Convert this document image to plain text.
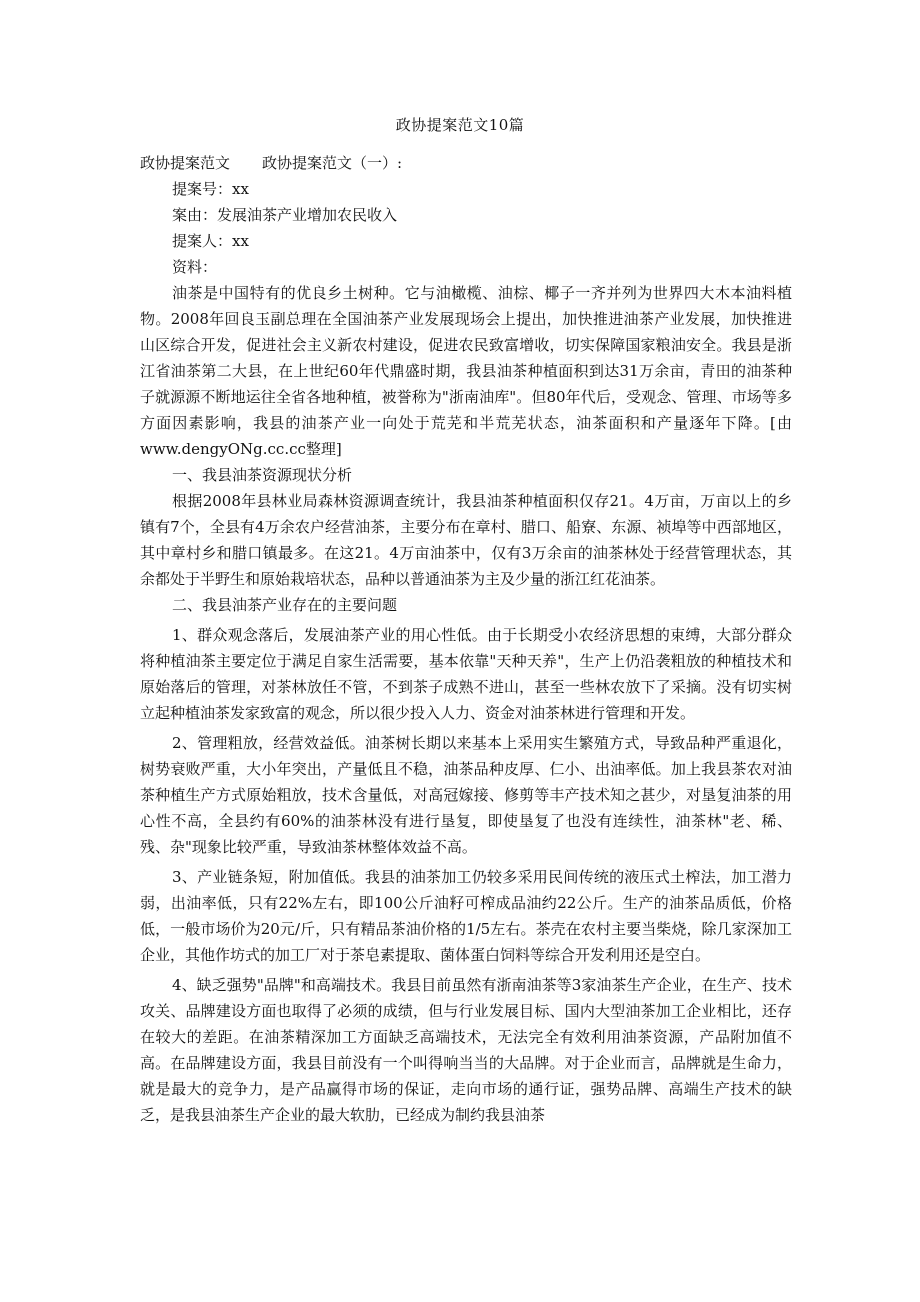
政协提案范文10篇

政协提案范文 政协提案范文（一）:

提案号：xx

案由：发展油茶产业增加农民收入

提案人：xx

资料：

油茶是中国特有的优良乡土树种。它与油橄榄、油棕、椰子一齐并列为世界四大木本油料植物。2008年回良玉副总理在全国油茶产业发展现场会上提出，加快推进油茶产业发展，加快推进山区综合开发，促进社会主义新农村建设，促进农民致富增收，切实保障国家粮油安全。我县是浙江省油茶第二大县，在上世纪60年代鼎盛时期，我县油茶种植面积到达31万余亩，青田的油茶种子就源源不断地运往全省各地种植，被誉称为"浙南油库"。但80年代后，受观念、管理、市场等多方面因素影响，我县的油茶产业一向处于荒芜和半荒芜状态，油茶面积和产量逐年下降。[由www.dengyONg.cc.cc整理]

一、我县油茶资源现状分析

根据2008年县林业局森林资源调查统计，我县油茶种植面积仅存21。4万亩，万亩以上的乡镇有7个，全县有4万余农户经营油茶，主要分布在章村、腊口、船寮、东源、祯埠等中西部地区，其中章村乡和腊口镇最多。在这21。4万亩油茶中，仅有3万余亩的油茶林处于经营管理状态，其余都处于半野生和原始栽培状态，品种以普通油茶为主及少量的浙江红花油茶。

二、我县油茶产业存在的主要问题

1、群众观念落后，发展油茶产业的用心性低。由于长期受小农经济思想的束缚，大部分群众将种植油茶主要定位于满足自家生活需要，基本依靠"天种天养"，生产上仍沿袭粗放的种植技术和原始落后的管理，对茶林放任不管，不到茶子成熟不进山，甚至一些林农放下了采摘。没有切实树立起种植油茶发家致富的观念，所以很少投入人力、资金对油茶林进行管理和开发。

2、管理粗放，经营效益低。油茶树长期以来基本上采用实生繁殖方式，导致品种严重退化，树势衰败严重，大小年突出，产量低且不稳，油茶品种皮厚、仁小、出油率低。加上我县茶农对油茶种植生产方式原始粗放，技术含量低，对高冠嫁接、修剪等丰产技术知之甚少，对垦复油茶的用心性不高，全县约有60%的油茶林没有进行垦复，即使垦复了也没有连续性，油茶林"老、稀、残、杂"现象比较严重，导致油茶林整体效益不高。

3、产业链条短，附加值低。我县的油茶加工仍较多采用民间传统的液压式土榨法，加工潜力弱，出油率低，只有22%左右，即100公斤油籽可榨成品油约22公斤。生产的油茶品质低，价格低，一般市场价为20元/斤，只有精品茶油价格的1/5左右。茶壳在农村主要当柴烧，除几家深加工企业，其他作坊式的加工厂对于茶皂素提取、菌体蛋白饲料等综合开发利用还是空白。

4、缺乏强势"品牌"和高端技术。我县目前虽然有浙南油茶等3家油茶生产企业，在生产、技术攻关、品牌建设方面也取得了必须的成绩，但与行业发展目标、国内大型油茶加工企业相比，还存在较大的差距。在油茶精深加工方面缺乏高端技术，无法完全有效利用油茶资源，产品附加值不高。在品牌建设方面，我县目前没有一个叫得响当当的大品牌。对于企业而言，品牌就是生命力，就是最大的竞争力，是产品赢得市场的保证，走向市场的通行证，强势品牌、高端生产技术的缺乏，是我县油茶生产企业的最大软肋，已经成为制约我县油茶
